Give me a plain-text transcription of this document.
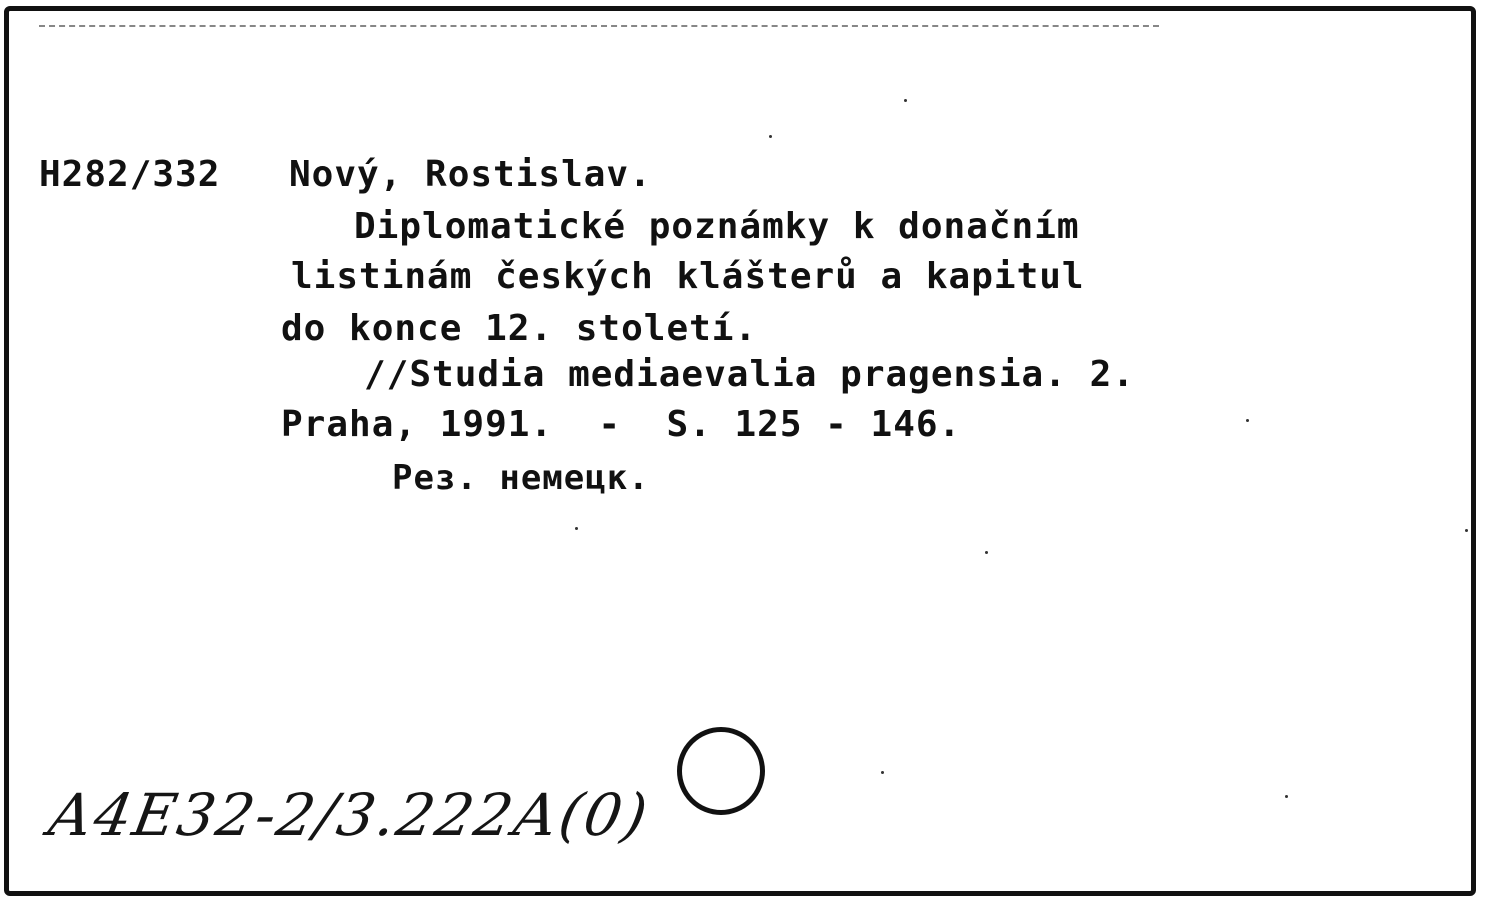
H282/332 Nový, Rostislav.
Diplomatické poznámky k donačním
listinám českých klášterů a kapitul
do konce 12. století.
//Studia mediaevalia pragensia. 2.
Praha, 1991.  -  S. 125 - 146.
Рез. немецк.
А4Е32-2/3.222А(0)
